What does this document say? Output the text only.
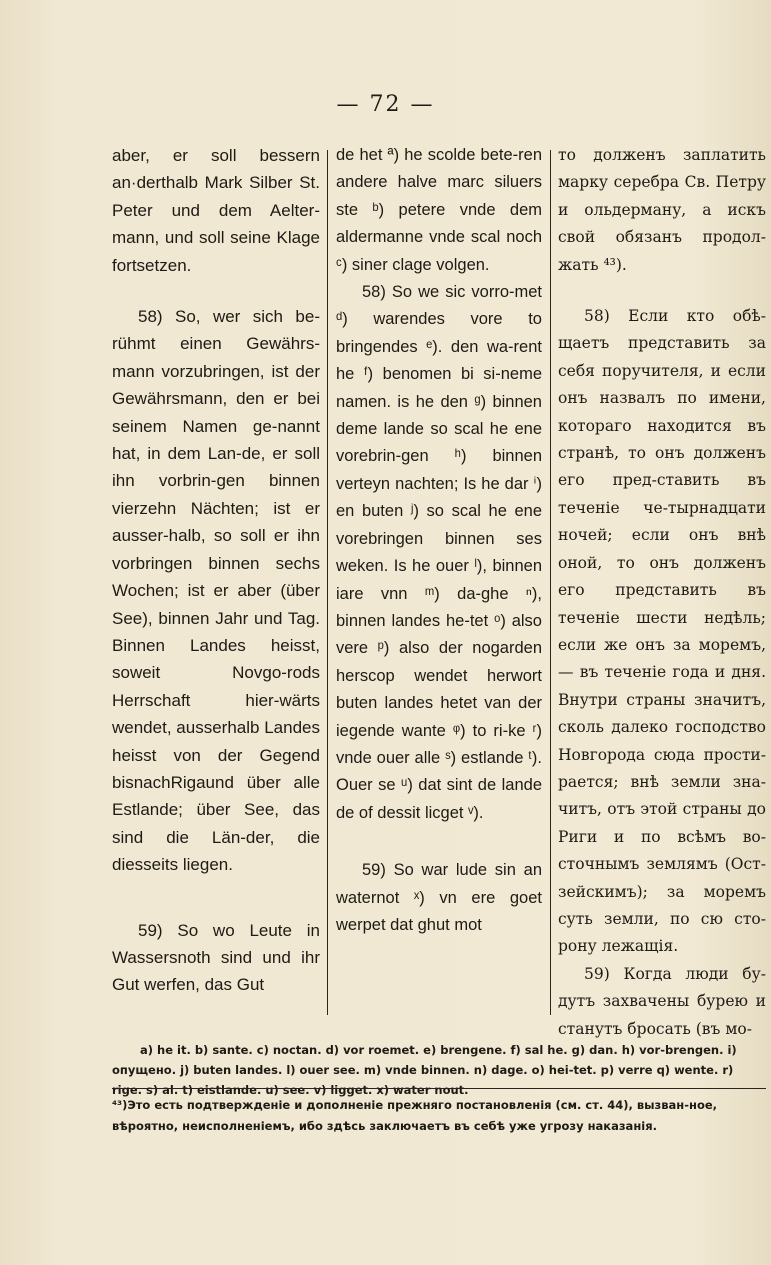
— 72 —

aber, er soll bessern an·derthalb Mark Silber St. Peter und dem Aelter-mann, und soll seine Klage fortsetzen.

58) So, wer sich be-rühmt einen Gewährs-mann vorzubringen, ist der Gewährsmann, den er bei seinem Namen ge-nannt hat, in dem Lan-de, er soll ihn vorbrin-gen binnen vierzehn Nächten; ist er ausser-halb, so soll er ihn vorbringen binnen sechs Wochen; ist er aber (über See), binnen Jahr und Tag. Binnen Landes heisst, soweit Novgo-rods Herrschaft hier-wärts wendet, ausserhalb Landes heisst von der Gegend bisnachRigaund über alle Estlande; über See, das sind die Län-der, die diesseits liegen.

59) So wo Leute in Wassersnoth sind und ihr Gut werfen, das Gut

de het ª) he scolde bete-ren andere halve marc siluers ste ᵇ) petere vnde dem aldermanne vnde scal noch ᶜ) siner clage volgen.

58) So we sic vorro-met ᵈ) warendes vore to bringendes ᵉ). den wa-rent he ᶠ) benomen bi si-neme namen. is he den ᵍ) binnen deme lande so scal he ene vorebrin-gen ʰ) binnen verteyn nachten; Is he dar ⁱ) en buten ʲ) so scal he ene vorebringen binnen ses weken. Is he ouer ˡ), binnen iare vnn ᵐ) da-ghe ⁿ), binnen landes he-tet ᵒ) also vere ᵖ) also der nogarden herscop wendet herwort buten landes hetet van der iegende wante ᵠ) to ri-ke ʳ) vnde ouer alle ˢ) estlande ᵗ). Ouer se ᵘ) dat sint de lande de of dessit licget ᵛ).

59) So war lude sin an waternot ˣ) vn ere goet werpet dat ghut mot

то долженъ заплатить марку серебра Св. Петру и ольдерману, а искъ свой обязанъ продол-жать ⁴³).

58) Если кто обѣ-щаетъ представить за себя поручителя, и если онъ назвалъ по имени, котораго находится въ странѣ, то онъ долженъ его пред-ставить въ теченіе че-тырнадцати ночей; если онъ внѣ оной, то онъ долженъ его представить въ теченіе шести недѣль; если же онъ за моремъ,— въ теченіе года и дня. Внутри страны значитъ, сколь далеко господство Новгорода сюда прости-рается; внѣ земли зна-читъ, отъ этой страны до Риги и по всѣмъ во-сточнымъ землямъ (Ост-зейскимъ); за моремъ суть земли, по сю сто-рону лежащія.

59) Когда люди бу-дутъ захвачены бурею и станутъ бросать (въ мо-

a) he it. b) sante. c) noctan. d) vor roemet. e) brengene. f) sal he. g) dan. h) vor-brengen. i) опущено. j) buten landes. l) ouer see. m) vnde binnen. n) dage. o) hei-tet. p) verre q) wente. r) rige. s) al. t) eistlande. u) see. v) ligget. x) water nout.
⁴³)Это есть подтвержденіе и дополненіе прежняго постановленія (см. ст. 44), вызван-ное, вѣроятно, неисполненіемъ, ибо здѣсь заключаетъ въ себѣ уже угрозу наказанія.
